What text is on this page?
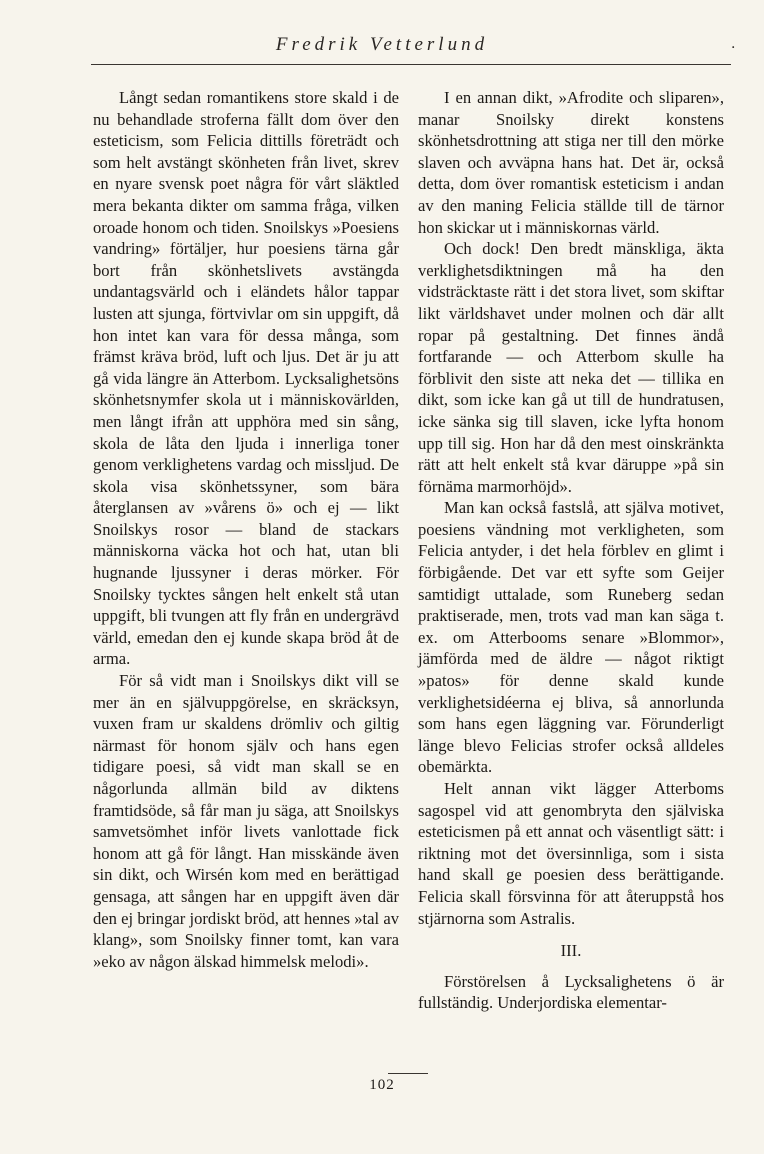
Fredrik Vetterlund	·

Långt sedan romantikens store skald i de nu behandlade stroferna fällt dom över den esteticism, som Felicia dittills företrädt och som helt avstängt skönheten från livet, skrev en nyare svensk poet några för vårt släktled mera bekanta dikter om samma fråga, vilken oroade honom och tiden. Snoilskys »Poesiens vandring» förtäljer, hur poesiens tärna går bort från skönhetslivets avstängda undantagsvärld och i eländets hålor tappar lusten att sjunga, förtvivlar om sin uppgift, då hon intet kan vara för dessa många, som främst kräva bröd, luft och ljus. Det är ju att gå vida längre än Atterbom. Lycksalighetsöns skönhetsnymfer skola ut i människovärlden, men långt ifrån att upphöra med sin sång, skola de låta den ljuda i innerliga toner genom verklighetens vardag och missljud. De skola visa skönhetssyner, som bära återglansen av »vårens ö» och ej — likt Snoilskys rosor — bland de stackars människorna väcka hot och hat, utan bli hugnande ljussyner i deras mörker. För Snoilsky tycktes sången helt enkelt stå utan uppgift, bli tvungen att fly från en undergrävd värld, emedan den ej kunde skapa bröd åt de arma.

För så vidt man i Snoilskys dikt vill se mer än en självuppgörelse, en skräcksyn, vuxen fram ur skaldens drömliv och giltig närmast för honom själv och hans egen tidigare poesi, så vidt man skall se en någorlunda allmän bild av diktens framtidsöde, så får man ju säga, att Snoilskys samvetsömhet inför livets vanlottade fick honom att gå för långt. Han misskände även sin dikt, och Wirsén kom med en berättigad gensaga, att sången har en uppgift även där den ej bringar jordiskt bröd, att hennes »tal av klang», som Snoilsky finner tomt, kan vara »eko av någon älskad himmelsk melodi».

I en annan dikt, »Afrodite och sliparen», manar Snoilsky direkt konstens skönhetsdrottning att stiga ner till den mörke slaven och avväpna hans hat. Det är, också detta, dom över romantisk esteticism i andan av den maning Felicia ställde till de tärnor hon skickar ut i människornas värld.

Och dock! Den bredt mänskliga, äkta verklighetsdiktningen må ha den vidsträcktaste rätt i det stora livet, som skiftar likt världshavet under molnen och där allt ropar på gestaltning. Det finnes ändå fortfarande — och Atterbom skulle ha förblivit den siste att neka det — tillika en dikt, som icke kan gå ut till de hundratusen, icke sänka sig till slaven, icke lyfta honom upp till sig. Hon har då den mest oinskränkta rätt att helt enkelt stå kvar däruppe »på sin förnäma marmorhöjd».

Man kan också fastslå, att själva motivet, poesiens vändning mot verkligheten, som Felicia antyder, i det hela förblev en glimt i förbigående. Det var ett syfte som Geijer samtidigt uttalade, som Runeberg sedan praktiserade, men, trots vad man kan säga t. ex. om Atterbooms senare »Blommor», jämförda med de äldre — något riktigt »patos» för denne skald kunde verklighetsidéerna ej bliva, så annorlunda som hans egen läggning var. Förunderligt länge blevo Felicias strofer också alldeles obemärkta.

Helt annan vikt lägger Atterboms sagospel vid att genombryta den själviska esteticismen på ett annat och väsentligt sätt: i riktning mot det översinnliga, som i sista hand skall ge poesien dess berättigande. Felicia skall försvinna för att återuppstå hos stjärnorna som Astralis.

III.

Förstörelsen å Lycksalighetens ö är fullständig. Underjordiska elementar-

102
